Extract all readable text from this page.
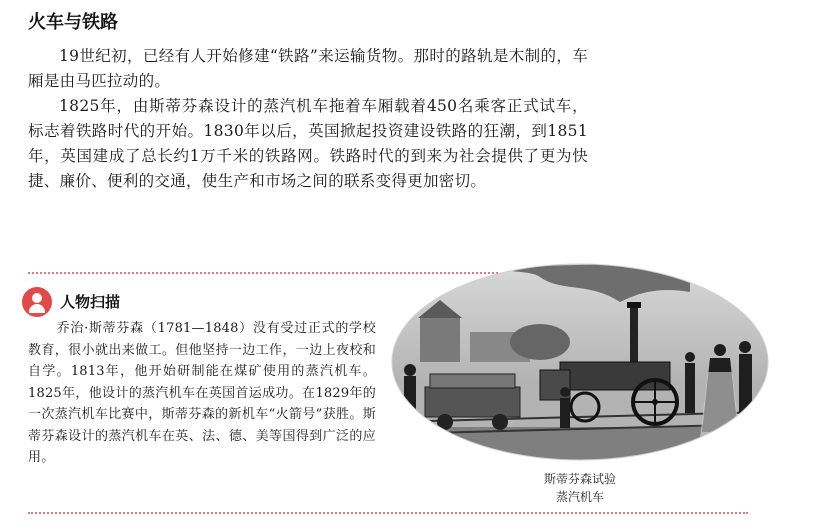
火车与铁路

19世纪初，已经有人开始修建“铁路”来运输货物。那时的路轨是木制的，车厢是由马匹拉动的。

1825年，由斯蒂芬森设计的蒸汽机车拖着车厢载着450名乘客正式试车，标志着铁路时代的开始。1830年以后，英国掀起投资建设铁路的狂潮，到1851年，英国建成了总长约1万千米的铁路网。铁路时代的到来为社会提供了更为快捷、廉价、便利的交通，使生产和市场之间的联系变得更加密切。

人物扫描
乔治·斯蒂芬森（1781—1848）没有受过正式的学校教育，很小就出来做工。但他坚持一边工作，一边上夜校和自学。1813年，他开始研制能在煤矿使用的蒸汽机车。1825年，他设计的蒸汽机车在英国首运成功。在1829年的一次蒸汽机车比赛中，斯蒂芬森的新机车“火箭号”获胜。斯蒂芬森设计的蒸汽机车在英、法、德、美等国得到广泛的应用。
斯蒂芬森试验
蒸汽机车
